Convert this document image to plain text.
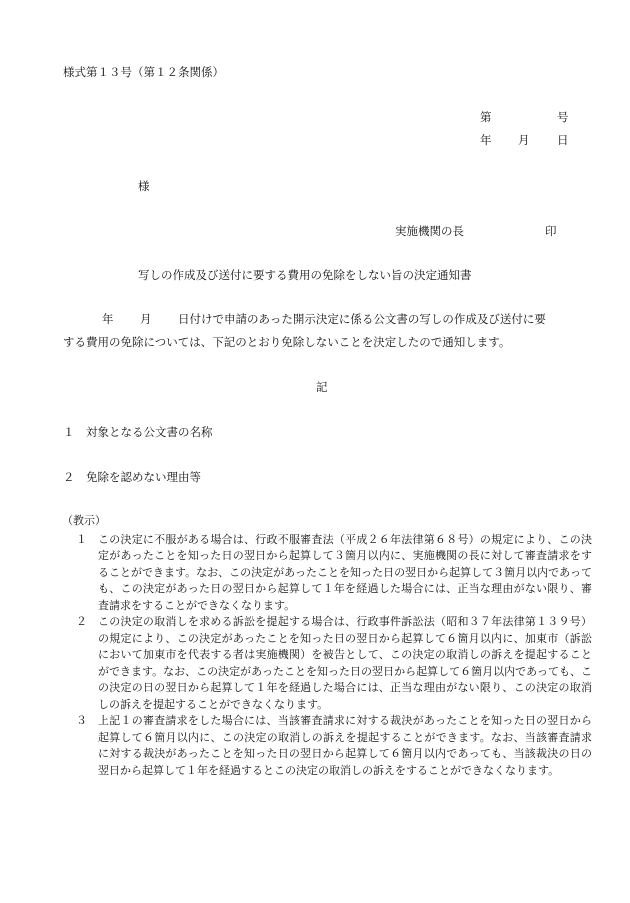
様式第１３号（第１２条関係）
第	号
年 月 日
様
実施機関の長	印
写しの作成及び送付に要する費用の免除をしない旨の決定通知書
年 月 日付けで申請のあった開示決定に係る公文書の写しの作成及び送付に要
する費用の免除については、下記のとおり免除しないことを決定したので通知します。
記
１　対象となる公文書の名称
２　免除を認めない理由等
（教示）
１ この決定に不服がある場合は、行政不服審査法（平成２６年法律第６８号）の規定により、この決定があったことを知った日の翌日から起算して３箇月以内に、実施機関の長に対して審査請求をすることができます。なお、この決定があったことを知った日の翌日から起算して３箇月以内であっても、この決定があった日の翌日から起算して１年を経過した場合には、正当な理由がない限り、審査請求をすることができなくなります。
２ この決定の取消しを求める訴訟を提起する場合は、行政事件訴訟法（昭和３７年法律第１３９号）の規定により、この決定があったことを知った日の翌日から起算して６箇月以内に、加東市（訴訟において加東市を代表する者は実施機関）を被告として、この決定の取消しの訴えを提起することができます。なお、この決定があったことを知った日の翌日から起算して６箇月以内であっても、この決定の日の翌日から起算して１年を経過した場合には、正当な理由がない限り、この決定の取消しの訴えを提起することができなくなります。
３ 上記１の審査請求をした場合には、当該審査請求に対する裁決があったことを知った日の翌日から起算して６箇月以内に、この決定の取消しの訴えを提起することができます。なお、当該審査請求に対する裁決があったことを知った日の翌日から起算して６箇月以内であっても、当該裁決の日の翌日から起算して１年を経過するとこの決定の取消しの訴えをすることができなくなります。
